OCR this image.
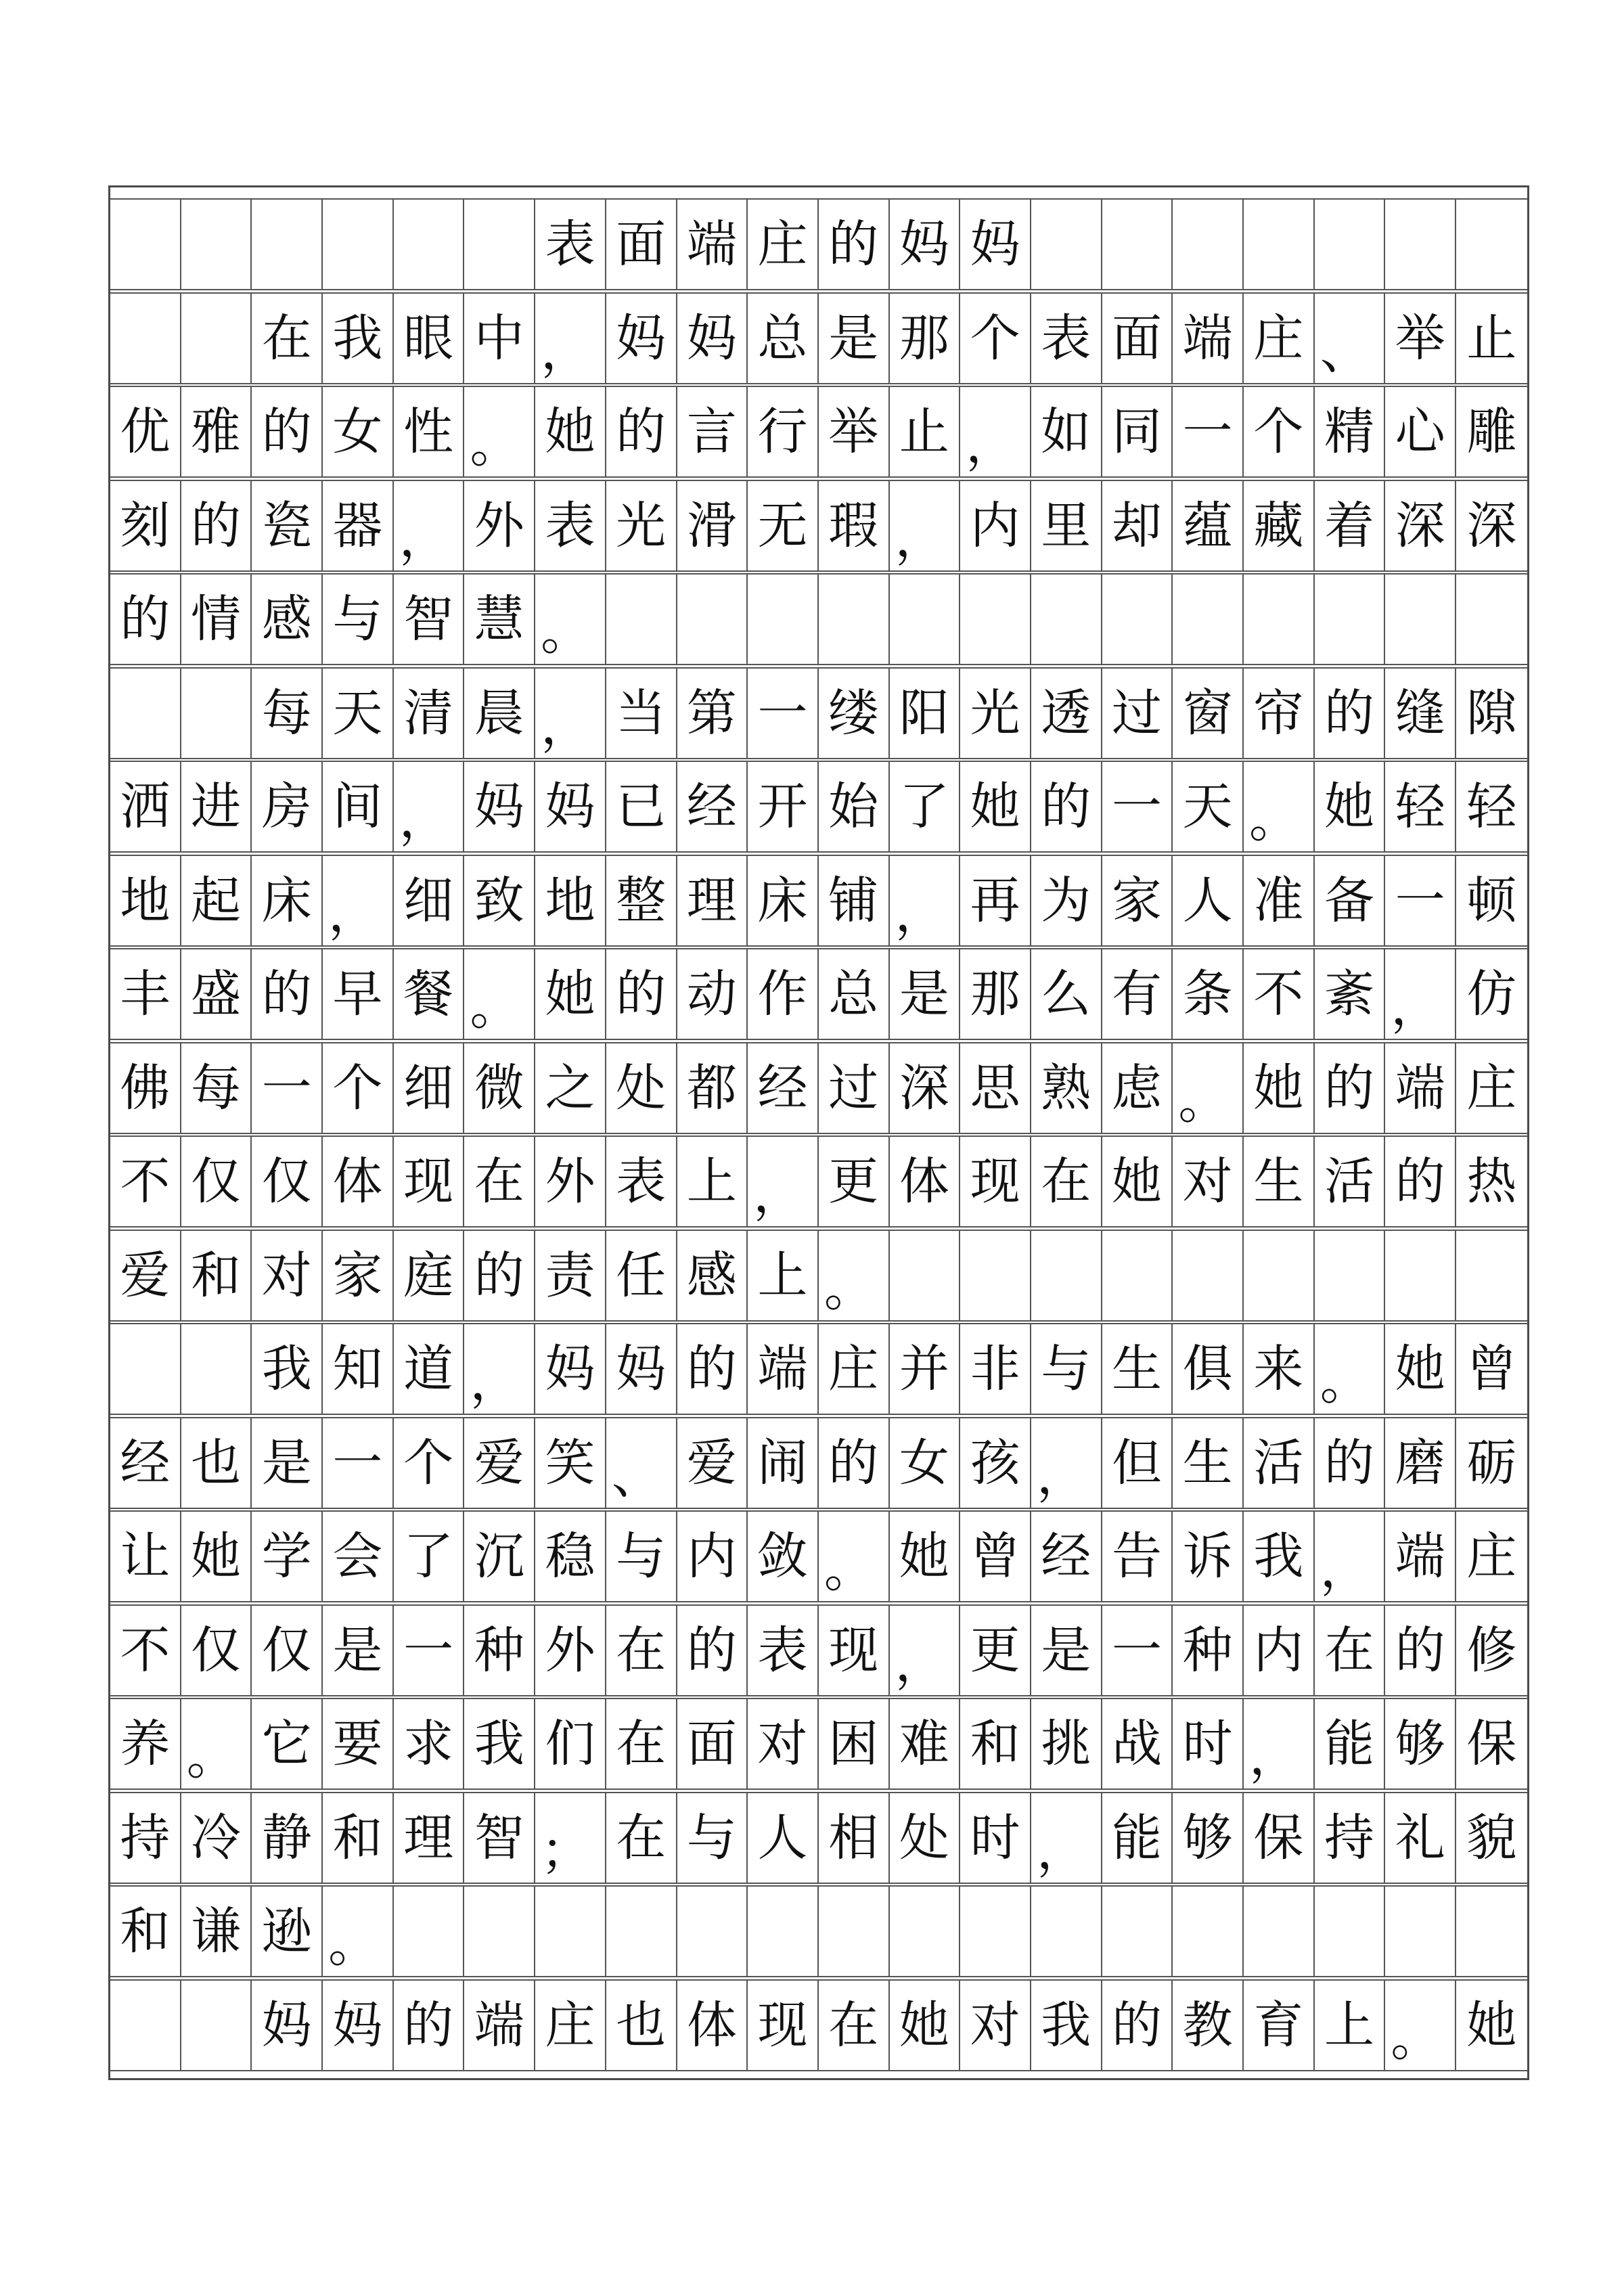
表 面 端 庄 的 妈 妈
在 我 眼 中 ， 妈 妈 总 是 那 个 表 面 端 庄 、 举 止
优 雅 的 女 性 。 她 的 言 行 举 止 ， 如 同 一 个 精 心 雕
刻 的 瓷 器 ， 外 表 光 滑 无 瑕 ， 内 里 却 蕴 藏 着 深 深
的 情 感 与 智 慧 。
每 天 清 晨 ， 当 第 一 缕 阳 光 透 过 窗 帘 的 缝 隙
洒 进 房 间 ， 妈 妈 已 经 开 始 了 她 的 一 天 。 她 轻 轻
地 起 床 ， 细 致 地 整 理 床 铺 ， 再 为 家 人 准 备 一 顿
丰 盛 的 早 餐 。 她 的 动 作 总 是 那 么 有 条 不 紊 ， 仿
佛 每 一 个 细 微 之 处 都 经 过 深 思 熟 虑 。 她 的 端 庄
不 仅 仅 体 现 在 外 表 上 ， 更 体 现 在 她 对 生 活 的 热
爱 和 对 家 庭 的 责 任 感 上 。
我 知 道 ， 妈 妈 的 端 庄 并 非 与 生 俱 来 。 她 曾
经 也 是 一 个 爱 笑 、 爱 闹 的 女 孩 ， 但 生 活 的 磨 砺
让 她 学 会 了 沉 稳 与 内 敛 。 她 曾 经 告 诉 我 ， 端 庄
不 仅 仅 是 一 种 外 在 的 表 现 ， 更 是 一 种 内 在 的 修
养 。 它 要 求 我 们 在 面 对 困 难 和 挑 战 时 ， 能 够 保
持 冷 静 和 理 智 ； 在 与 人 相 处 时 ， 能 够 保 持 礼 貌
和 谦 逊 。
妈 妈 的 端 庄 也 体 现 在 她 对 我 的 教 育 上 。 她
